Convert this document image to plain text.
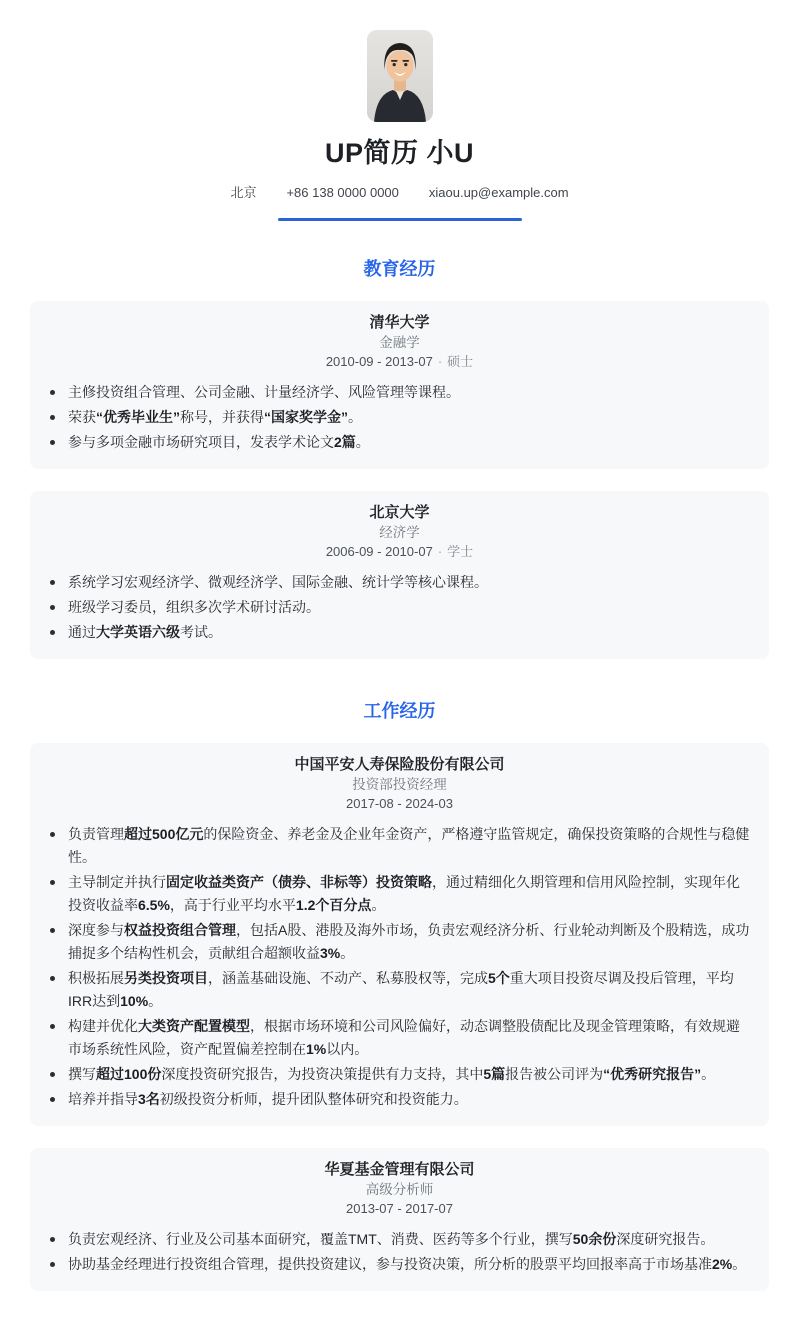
UP简历 小U
北京 +86 138 0000 0000 xiaou.up@example.com
教育经历
清华大学
金融学
2010-09 - 2013-07 · 硕士
主修投资组合管理、公司金融、计量经济学、风险管理等课程。
荣获“优秀毕业生”称号，并获得“国家奖学金”。
参与多项金融市场研究项目，发表学术论文2篇。
北京大学
经济学
2006-09 - 2010-07 · 学士
系统学习宏观经济学、微观经济学、国际金融、统计学等核心课程。
班级学习委员，组织多次学术研讨活动。
通过大学英语六级考试。
工作经历
中国平安人寿保险股份有限公司
投资部投资经理
2017-08 - 2024-03
负责管理超过500亿元的保险资金、养老金及企业年金资产，严格遵守监管规定，确保投资策略的合规性与稳健性。
主导制定并执行固定收益类资产（债券、非标等）投资策略，通过精细化久期管理和信用风险控制，实现年化投资收益率6.5%，高于行业平均水平1.2个百分点。
深度参与权益投资组合管理，包括A股、港股及海外市场，负责宏观经济分析、行业轮动判断及个股精选，成功捕捉多个结构性机会，贡献组合超额收益3%。
积极拓展另类投资项目，涵盖基础设施、不动产、私募股权等，完成5个重大项目投资尽调及投后管理，平均IRR达到10%。
构建并优化大类资产配置模型，根据市场环境和公司风险偏好，动态调整股债配比及现金管理策略，有效规避市场系统性风险，资产配置偏差控制在1%以内。
撰写超过100份深度投资研究报告，为投资决策提供有力支持，其中5篇报告被公司评为“优秀研究报告”。
培养并指导3名初级投资分析师，提升团队整体研究和投资能力。
华夏基金管理有限公司
高级分析师
2013-07 - 2017-07
负责宏观经济、行业及公司基本面研究，覆盖TMT、消费、医药等多个行业，撰写50余份深度研究报告。
协助基金经理进行投资组合管理，提供投资建议，参与投资决策，所分析的股票平均回报率高于市场基准2%。
